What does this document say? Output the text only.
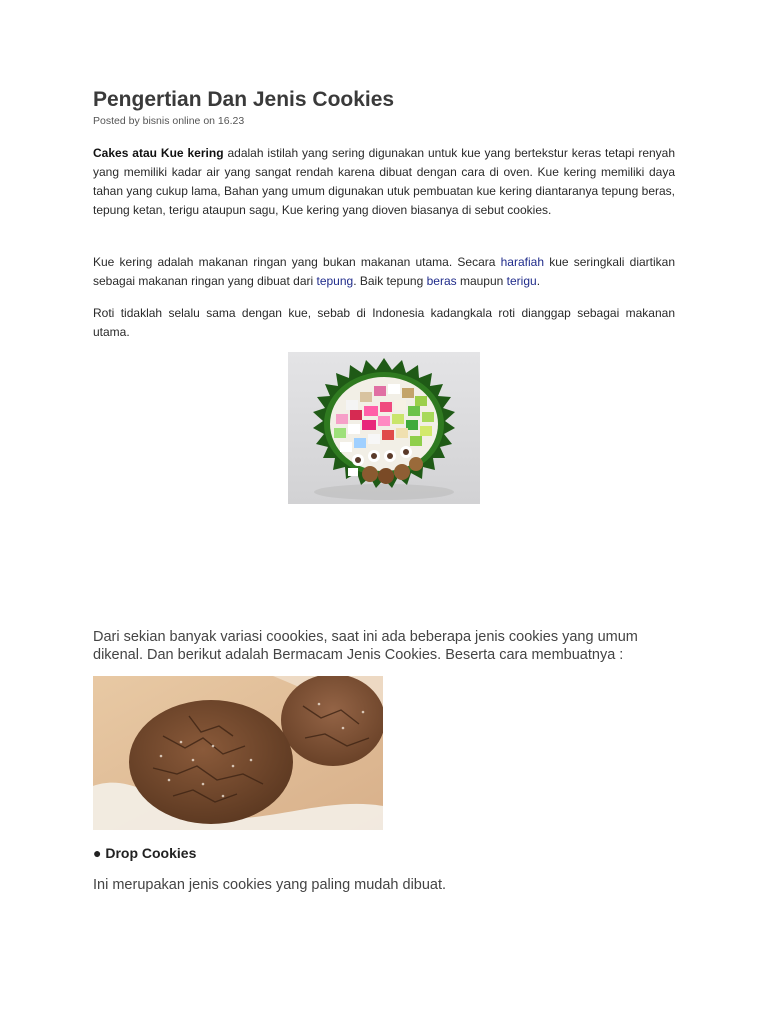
Pengertian Dan Jenis Cookies
Posted by bisnis online on 16.23

Cakes atau Kue kering adalah istilah yang sering digunakan untuk kue yang bertekstur keras tetapi renyah yang memiliki kadar air yang sangat rendah karena dibuat dengan cara di oven. Kue kering memiliki daya tahan yang cukup lama, Bahan yang umum digunakan utuk pembuatan kue kering diantaranya tepung beras, tepung ketan, terigu ataupun sagu, Kue kering yang dioven biasanya di sebut cookies.

Kue kering adalah makanan ringan yang bukan makanan utama. Secara harafiah kue seringkali diartikan sebagai makanan ringan yang dibuat dari tepung. Baik tepung beras maupun terigu.

Roti tidaklah selalu sama dengan kue, sebab di Indonesia kadangkala roti dianggap sebagai makanan utama.

Dari sekian banyak variasi coookies, saat ini ada beberapa jenis cookies yang umum dikenal. Dan berikut adalah Bermacam Jenis Cookies. Beserta cara membuatnya :

● Drop Cookies
Ini merupakan jenis cookies yang paling mudah dibuat.
